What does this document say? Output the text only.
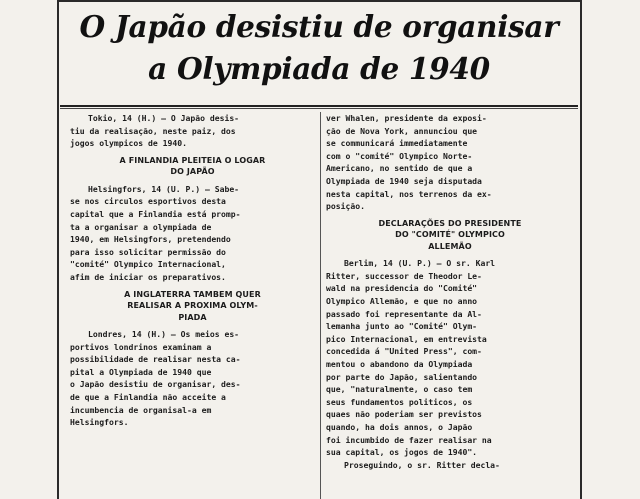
O Japão desistiu de organisar
a Olympiada de 1940
Tokio, 14 (H.) — O Japão desis-
tiu da realisação, neste paiz, dos
jogos olympicos de 1940.
A FINLANDIA PLEITEIA O LOGAR
DO JAPÃO
Helsingfors, 14 (U. P.) — Sabe-
se nos circulos esportivos desta
capital que a Finlandia está promp-
ta a organisar a olympiada de
1940, em Helsingfors, pretendendo
para isso solicitar permissão do
"comité" Olympico Internacional,
afim de iniciar os preparativos.
A INGLATERRA TAMBEM QUER
REALISAR A PROXIMA OLYM-
PIADA
Londres, 14 (H.) — Os meios es-
portivos londrinos examinam a
possibilidade de realisar nesta ca-
pital a Olympiada de 1940 que
o Japão desistiu de organisar, des-
de que a Finlandia não acceite a
incumbencia de organisal-a em
Helsingfors.
ver Whalen, presidente da exposi-
ção de Nova York, annunciou que
se communicará immediatamente
com o "comité" Olympico Norte-
Americano, no sentido de que a
Olympiada de 1940 seja disputada
nesta capital, nos terrenos da ex-
posição.
DECLARAÇÕES DO PRESIDENTE
DO "COMITÉ" OLYMPICO
ALLEMÃO
Berlim, 14 (U. P.) — O sr. Karl
Ritter, successor de Theodor Le-
wald na presidencia do "Comité"
Olympico Allemão, e que no anno
passado foi representante da Al-
lemanha junto ao "Comité" Olym-
pico Internacional, em entrevista
concedida á "United Press", com-
mentou o abandono da Olympiada
por parte do Japão, salientando
que, "naturalmente, o caso tem
seus fundamentos politicos, os
quaes não poderiam ser previstos
quando, ha dois annos, o Japão
foi incumbido de fazer realisar na
sua capital, os jogos de 1940".
Proseguindo, o sr. Ritter decla-
